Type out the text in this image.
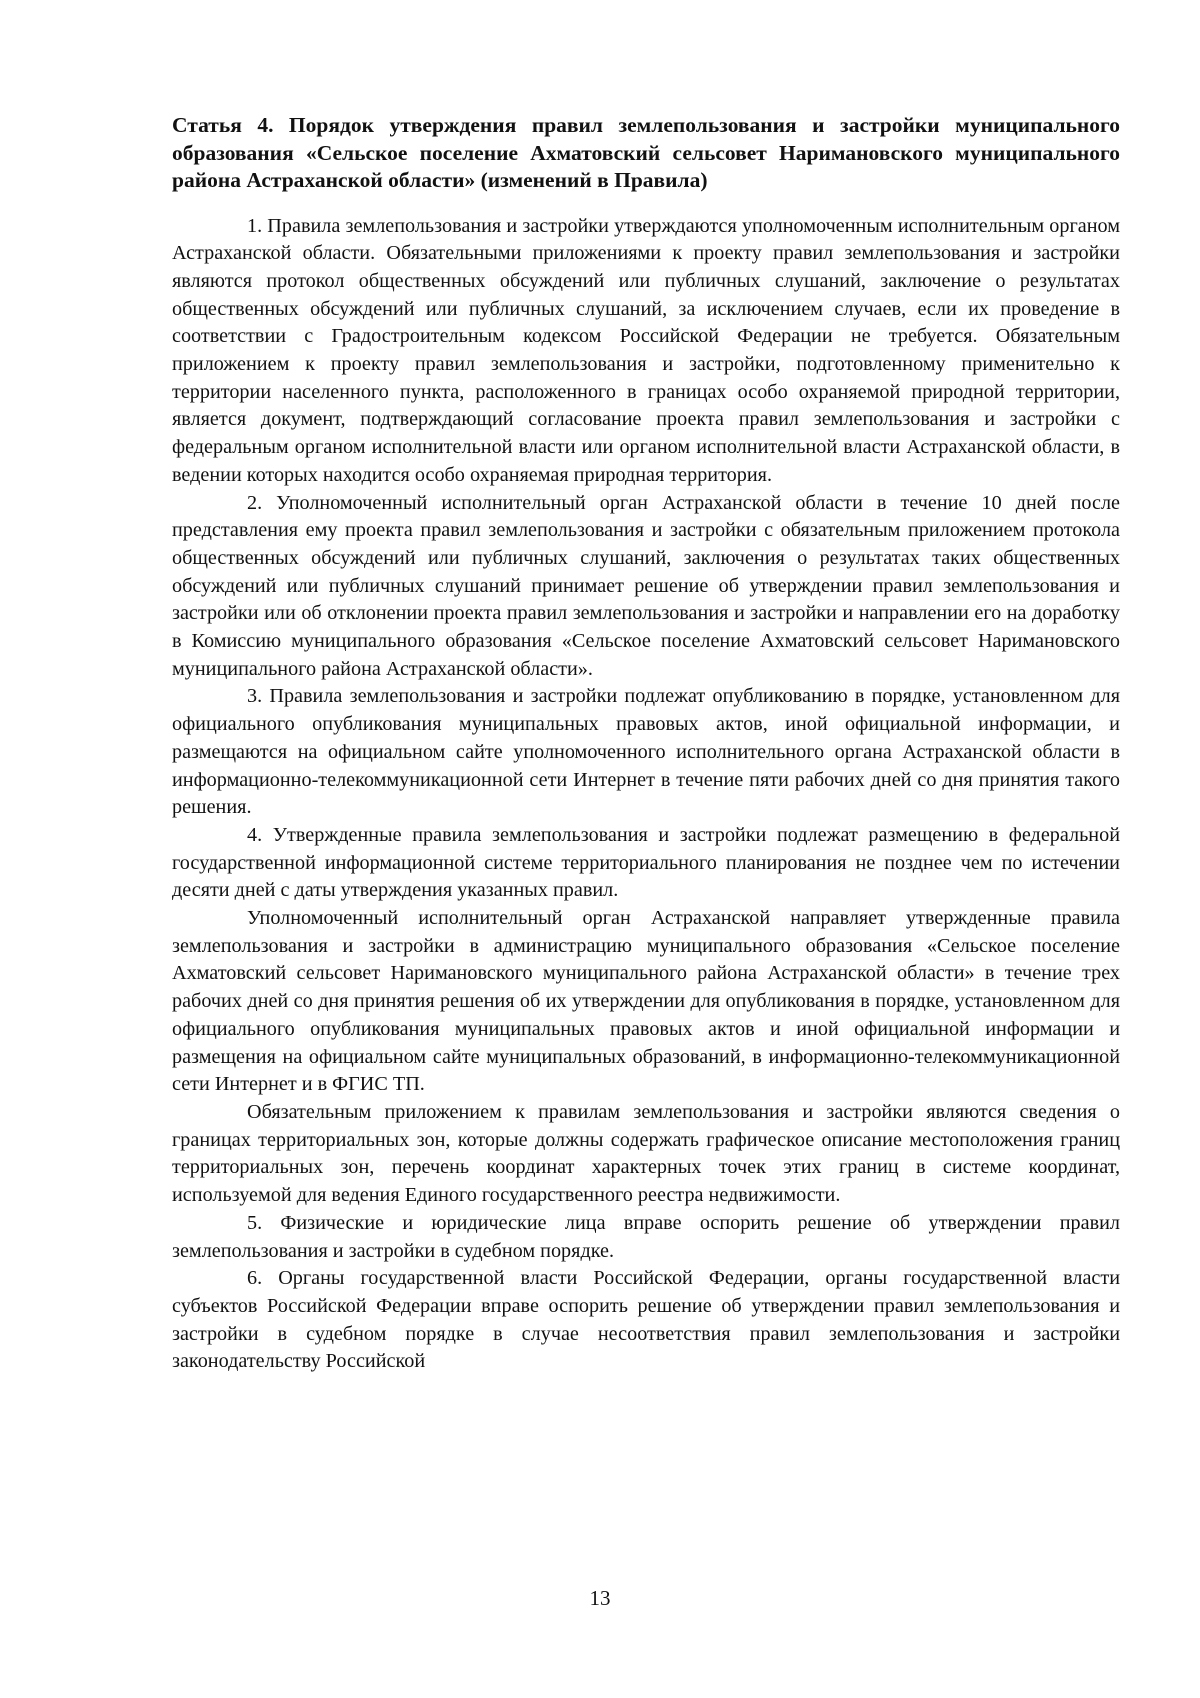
Статья 4. Порядок утверждения правил землепользования и застройки муниципального образования «Сельское поселение Ахматовский сельсовет Наримановского муниципального района Астраханской области» (изменений в Правила)

1. Правила землепользования и застройки утверждаются уполномоченным исполнительным органом Астраханской области. Обязательными приложениями к проекту правил землепользования и застройки являются протокол общественных обсуждений или публичных слушаний, заключение о результатах общественных обсуждений или публичных слушаний, за исключением случаев, если их проведение в соответствии с Градостроительным кодексом Российской Федерации не требуется. Обязательным приложением к проекту правил землепользования и застройки, подготовленному применительно к территории населенного пункта, расположенного в границах особо охраняемой природной территории, является документ, подтверждающий согласование проекта правил землепользования и застройки с федеральным органом исполнительной власти или органом исполнительной власти Астраханской области, в ведении которых находится особо охраняемая природная территория.

2. Уполномоченный исполнительный орган Астраханской области в течение 10 дней после представления ему проекта правил землепользования и застройки с обязательным приложением протокола общественных обсуждений или публичных слушаний, заключения о результатах таких общественных обсуждений или публичных слушаний принимает решение об утверждении правил землепользования и застройки или об отклонении проекта правил землепользования и застройки и направлении его на доработку в Комиссию муниципального образования «Сельское поселение Ахматовский сельсовет Наримановского муниципального района Астраханской области».

3. Правила землепользования и застройки подлежат опубликованию в порядке, установленном для официального опубликования муниципальных правовых актов, иной официальной информации, и размещаются на официальном сайте уполномоченного исполнительного органа Астраханской области в информационно-телекоммуникационной сети Интернет в течение пяти рабочих дней со дня принятия такого решения.

4. Утвержденные правила землепользования и застройки подлежат размещению в федеральной государственной информационной системе территориального планирования не позднее чем по истечении десяти дней с даты утверждения указанных правил.

Уполномоченный исполнительный орган Астраханской направляет утвержденные правила землепользования и застройки в администрацию муниципального образования «Сельское поселение Ахматовский сельсовет Наримановского муниципального района Астраханской области» в течение трех рабочих дней со дня принятия решения об их утверждении для опубликования в порядке, установленном для официального опубликования муниципальных правовых актов и иной официальной информации и размещения на официальном сайте муниципальных образований, в информационно-телекоммуникационной сети Интернет и в ФГИС ТП.

Обязательным приложением к правилам землепользования и застройки являются сведения о границах территориальных зон, которые должны содержать графическое описание местоположения границ территориальных зон, перечень координат характерных точек этих границ в системе координат, используемой для ведения Единого государственного реестра недвижимости.

5. Физические и юридические лица вправе оспорить решение об утверждении правил землепользования и застройки в судебном порядке.

6. Органы государственной власти Российской Федерации, органы государственной власти субъектов Российской Федерации вправе оспорить решение об утверждении правил землепользования и застройки в судебном порядке в случае несоответствия правил землепользования и застройки законодательству Российской

13
